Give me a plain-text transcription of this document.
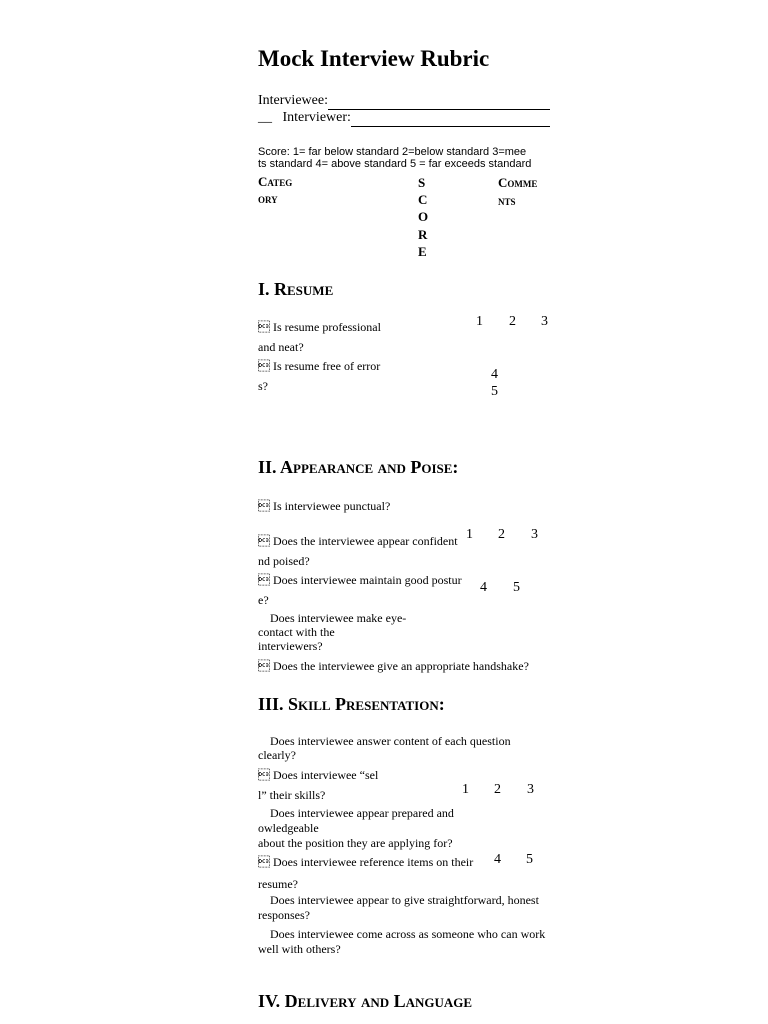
Mock Interview Rubric
Interviewee:
__ Interviewer:
Score: 1= far below standard 2=below standard 3=mee
ts standard 4= above standard 5 = far exceeds standard
Categ
ory
S
C
O
R
E
Comme
nts
I. Resume
 Is resume professional
and neat?
 Is resume free of error
s?
1 2 3
4
5
II. Appearance and Poise:
 Is interviewee punctual?
 Does the interviewee appear confident
nd poised?
 Does interviewee maintain good postur
e?
Does interviewee make eye-
contact with the
interviewers?
 Does the interviewee give an appropriate handshake?
1 2 3
4 5
III. Skill Presentation:
Does interviewee answer content of each question
clearly?
 Does interviewee “sel
l” their skills?
Does interviewee appear prepared and
owledgeable
about the position they are applying for?
 Does interviewee reference items on their
resume?
Does interviewee appear to give straightforward, honest
responses?
Does interviewee come across as someone who can work
well with others?
1 2 3
4 5
IV. Delivery and Language
